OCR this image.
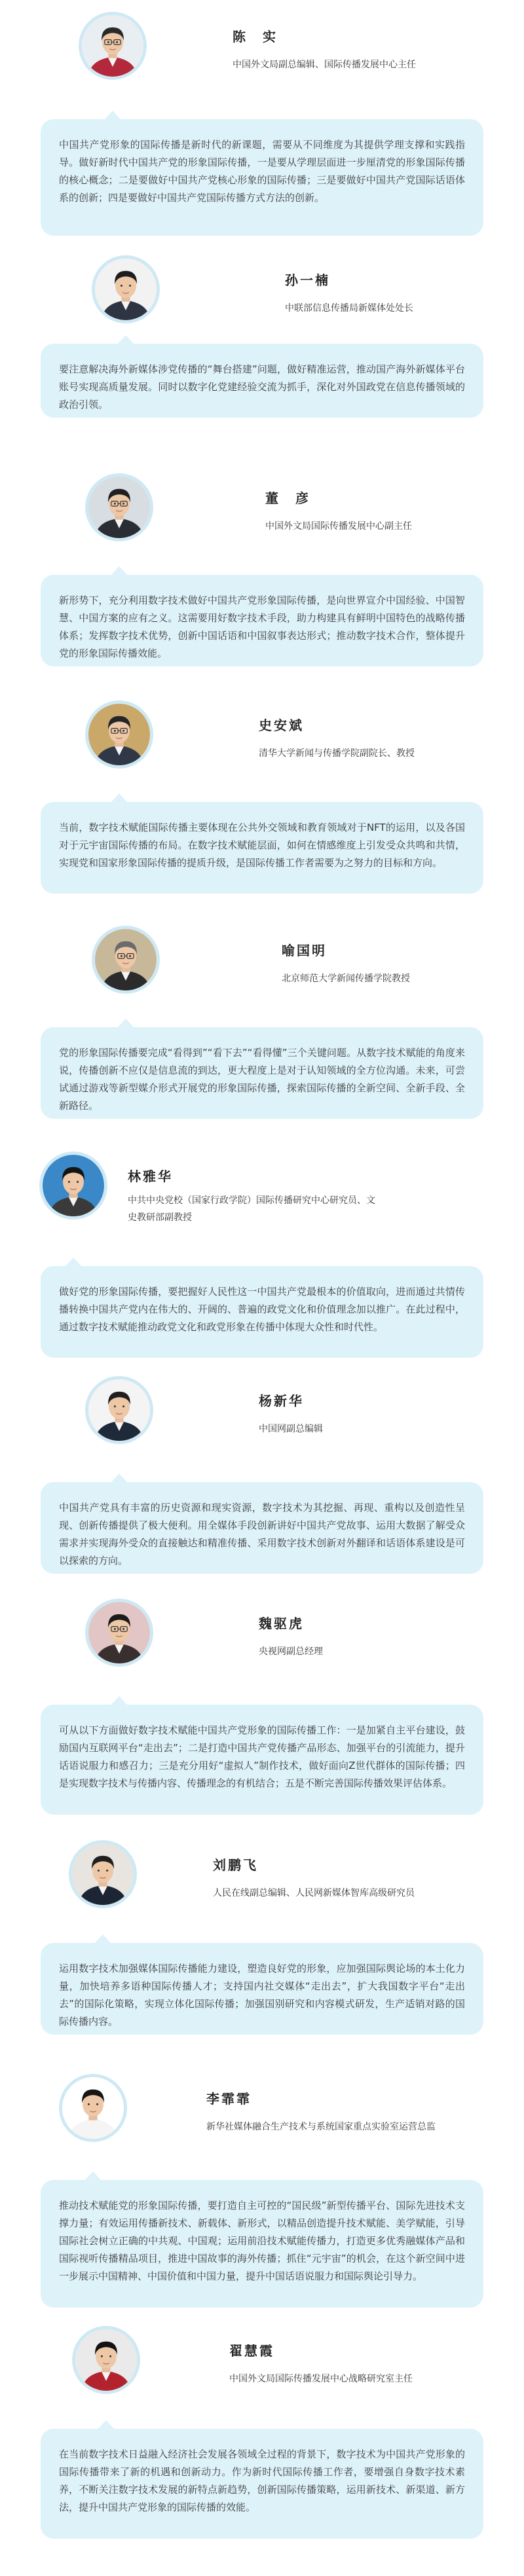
陈　实
中国外文局副总编辑、国际传播发展中心主任
中国共产党形象的国际传播是新时代的新课题，需要从不同维度为其提供学理支撑和实践指导。做好新时代中国共产党的形象国际传播，一是要从学理层面进一步厘清党的形象国际传播的核心概念；二是要做好中国共产党核心形象的国际传播；三是要做好中国共产党国际话语体系的创新；四是要做好中国共产党国际传播方式方法的创新。
孙一楠
中联部信息传播局新媒体处处长
要注意解决海外新媒体涉党传播的“舞台搭建”问题，做好精准运营，推动国产海外新媒体平台账号实现高质量发展。同时以数字化党建经验交流为抓手，深化对外国政党在信息传播领域的政治引领。
董　彦
中国外文局国际传播发展中心副主任
新形势下，充分利用数字技术做好中国共产党形象国际传播，是向世界宣介中国经验、中国智慧、中国方案的应有之义。这需要用好数字技术手段，助力构建具有鲜明中国特色的战略传播体系；发挥数字技术优势，创新中国话语和中国叙事表达形式；推动数字技术合作，整体提升党的形象国际传播效能。
史安斌
清华大学新闻与传播学院副院长、教授
当前，数字技术赋能国际传播主要体现在公共外交领域和教育领域对于NFT的运用，以及各国对于元宇宙国际传播的布局。在数字技术赋能层面，如何在情感维度上引发受众共鸣和共情，实现党和国家形象国际传播的提质升级，是国际传播工作者需要为之努力的目标和方向。
喻国明
北京师范大学新闻传播学院教授
党的形象国际传播要完成“看得到”“看下去”“看得懂”三个关键问题。从数字技术赋能的角度来说，传播创新不应仅是信息流的到达，更大程度上是对于认知领域的全方位沟通。未来，可尝试通过游戏等新型媒介形式开展党的形象国际传播，探索国际传播的全新空间、全新手段、全新路径。
林雅华
中共中央党校（国家行政学院）国际传播研究中心研究员、文史教研部副教授
做好党的形象国际传播，要把握好人民性这一中国共产党最根本的价值取向，进而通过共情传播转换中国共产党内在伟大的、开阔的、普遍的政党文化和价值理念加以推广。在此过程中，通过数字技术赋能推动政党文化和政党形象在传播中体现大众性和时代性。
杨新华
中国网副总编辑
中国共产党具有丰富的历史资源和现实资源，数字技术为其挖掘、再现、重构以及创造性呈现、创新传播提供了极大便利。用全媒体手段创新讲好中国共产党故事、运用大数据了解受众需求并实现海外受众的直接触达和精准传播、采用数字技术创新对外翻译和话语体系建设是可以探索的方向。
魏驱虎
央视网副总经理
可从以下方面做好数字技术赋能中国共产党形象的国际传播工作：一是加紧自主平台建设，鼓励国内互联网平台“走出去”；二是打造中国共产党传播产品形态、加强平台的引流能力，提升话语说服力和感召力；三是充分用好“虚拟人”制作技术，做好面向Z世代群体的国际传播；四是实现数字技术与传播内容、传播理念的有机结合；五是不断完善国际传播效果评估体系。
刘鹏飞
人民在线副总编辑、人民网新媒体智库高级研究员
运用数字技术加强媒体国际传播能力建设，塑造良好党的形象，应加强国际舆论场的本土化力量，加快培养多语种国际传播人才；支持国内社交媒体“走出去”，扩大我国数字平台“走出去”的国际化策略，实现立体化国际传播；加强国别研究和内容模式研发，生产适销对路的国际传播内容。
李霏霏
新华社媒体融合生产技术与系统国家重点实验室运营总监
推动技术赋能党的形象国际传播，要打造自主可控的“国民级”新型传播平台、国际先进技术支撑力量；有效运用传播新技术、新载体、新形式，以精品创造提升技术赋能、美学赋能，引导国际社会树立正确的中共观、中国观；运用前沿技术赋能传播力，打造更多优秀融媒体产品和国际视听传播精品项目，推进中国故事的海外传播；抓住“元宇宙”的机会，在这个新空间中进一步展示中国精神、中国价值和中国力量，提升中国话语说服力和国际舆论引导力。
翟慧霞
中国外文局国际传播发展中心战略研究室主任
在当前数字技术日益融入经济社会发展各领域全过程的背景下，数字技术为中国共产党形象的国际传播带来了新的机遇和创新动力。作为新时代国际传播工作者，要增强自身数字技术素养，不断关注数字技术发展的新特点新趋势，创新国际传播策略，运用新技术、新渠道、新方法，提升中国共产党形象的国际传播的效能。
